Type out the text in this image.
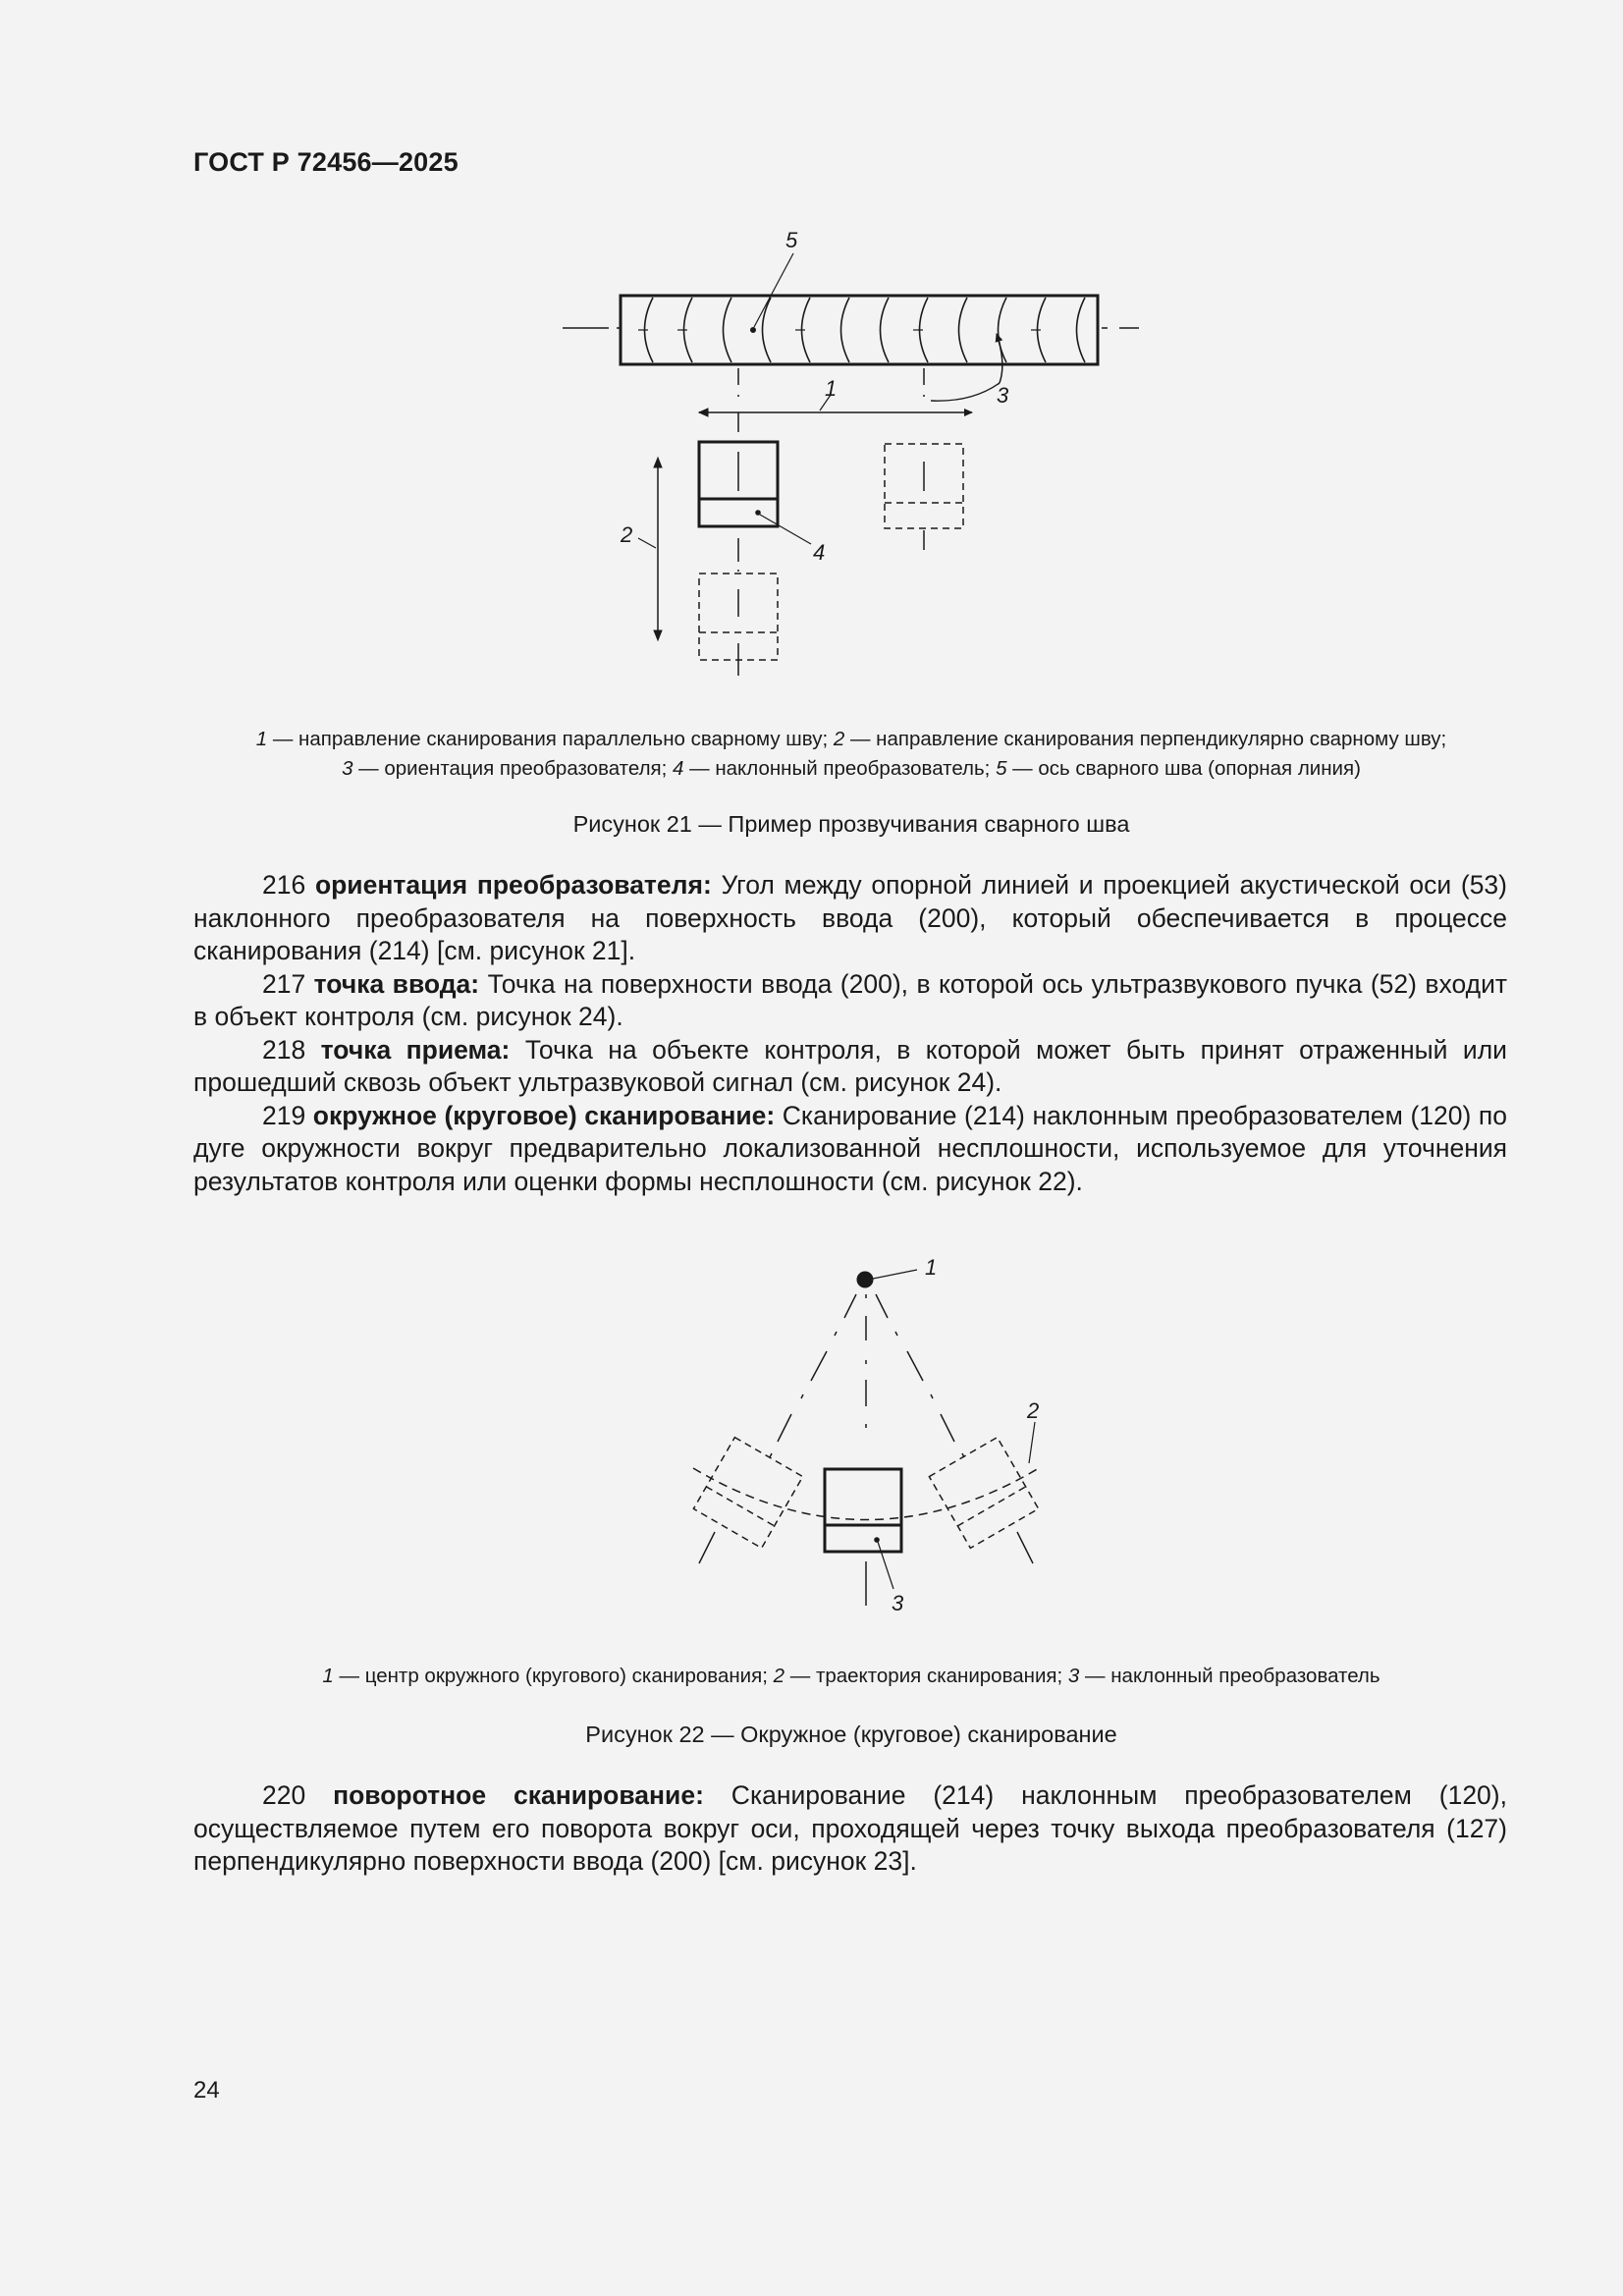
ГОСТ Р 72456—2025
5
1	3
2
4
1 — направление сканирования параллельно сварному шву; 2 — направление сканирования перпендикулярно сварному шву;
3 — ориентация преобразователя; 4 — наклонный преобразователь; 5 — ось сварного шва (опорная линия)
Рисунок 21 — Пример прозвучивания сварного шва

216 ориентация преобразователя: Угол между опорной линией и проекцией акустической оси (53) наклонного преобразователя на поверхность ввода (200), который обеспечивается в процессе сканирования (214) [см. рисунок 21].

217 точка ввода: Точка на поверхности ввода (200), в которой ось ультразвукового пучка (52) входит в объект контроля (см. рисунок 24).

218 точка приема: Точка на объекте контроля, в которой может быть принят отраженный или прошедший сквозь объект ультразвуковой сигнал (см. рисунок 24).

219 окружное (круговое) сканирование: Сканирование (214) наклонным преобразователем (120) по дуге окружности вокруг предварительно локализованной несплошности, используемое для уточнения результатов контроля или оценки формы несплошности (см. рисунок 22).

1
2
3
1 — центр окружного (кругового) сканирования; 2 — траектория сканирования; 3 — наклонный преобразователь
Рисунок 22 — Окружное (круговое) сканирование

220 поворотное сканирование: Сканирование (214) наклонным преобразователем (120), осуществляемое путем его поворота вокруг оси, проходящей через точку выхода преобразователя (127) перпендикулярно поверхности ввода (200) [см. рисунок 23].

24
